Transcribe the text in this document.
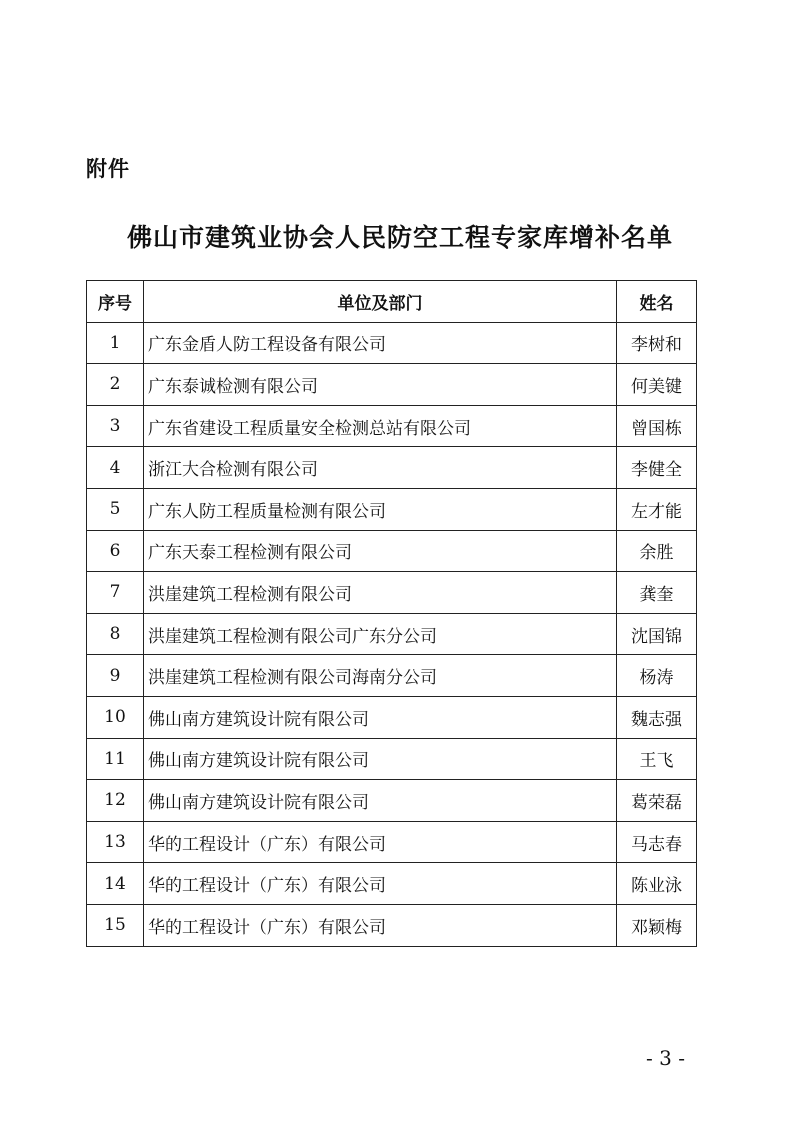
附件
佛山市建筑业协会人民防空工程专家库增补名单
序号	单位及部门	姓名
1	广东金盾人防工程设备有限公司	李树和
2	广东泰诚检测有限公司	何美键
3	广东省建设工程质量安全检测总站有限公司	曾国栋
4	浙江大合检测有限公司	李健全
5	广东人防工程质量检测有限公司	左才能
6	广东天泰工程检测有限公司	余胜
7	洪崖建筑工程检测有限公司	龚奎
8	洪崖建筑工程检测有限公司广东分公司	沈国锦
9	洪崖建筑工程检测有限公司海南分公司	杨涛
10	佛山南方建筑设计院有限公司	魏志强
11	佛山南方建筑设计院有限公司	王飞
12	佛山南方建筑设计院有限公司	葛荣磊
13	华的工程设计（广东）有限公司	马志春
14	华的工程设计（广东）有限公司	陈业泳
15	华的工程设计（广东）有限公司	邓颖梅
- 3 -
